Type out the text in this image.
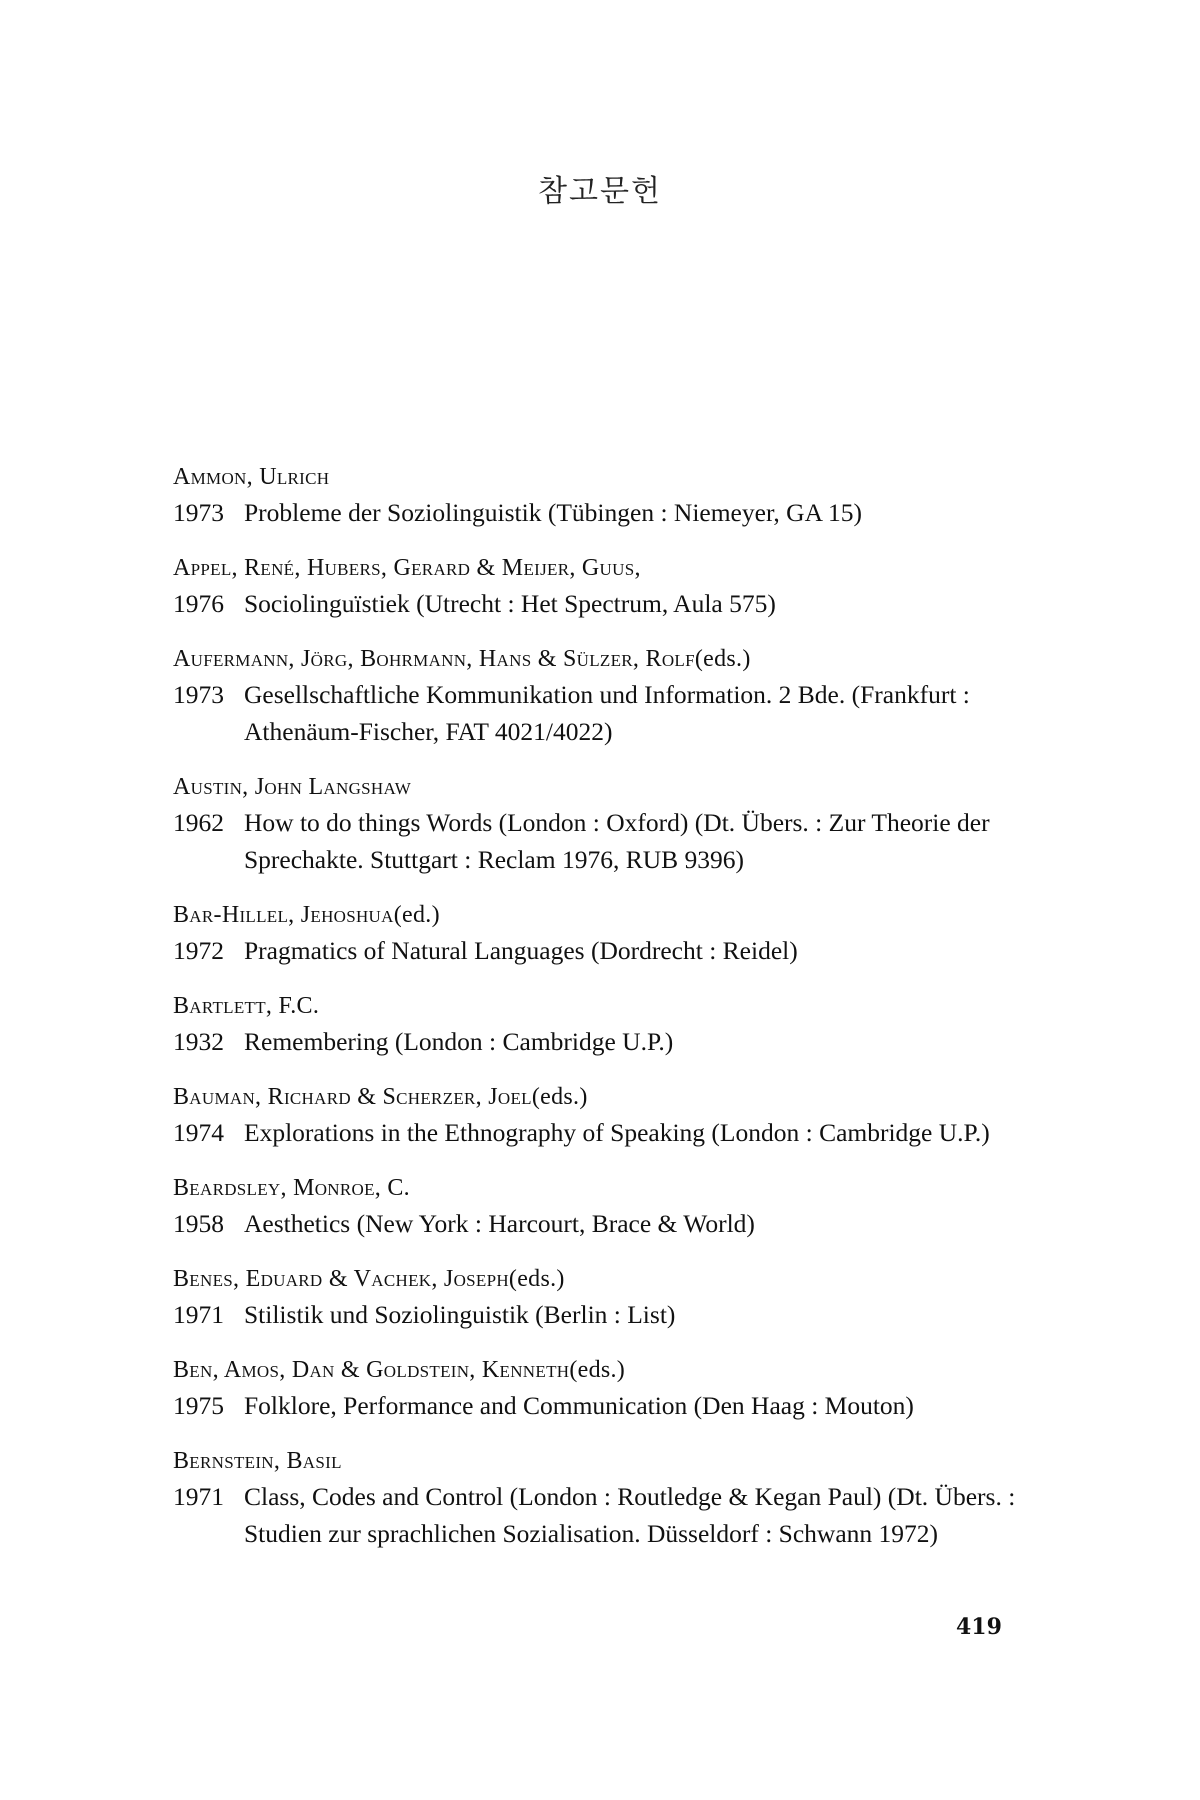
참고문헌
Ammon, Ulrich
1973 Probleme der Soziolinguistik (Tübingen : Niemeyer, GA 15)
Appel, René, Hubers, Gerard & Meijer, Guus,
1976 Sociolinguïstiek (Utrecht : Het Spectrum, Aula 575)
Aufermann, Jörg, Bohrmann, Hans & Sülzer, Rolf(eds.)
1973 Gesellschaftliche Kommunikation und Information. 2 Bde. (Frankfurt : Athenäum-Fischer, FAT 4021/4022)
Austin, John Langshaw
1962 How to do things Words (London : Oxford) (Dt. Übers. : Zur Theorie der Sprechakte. Stuttgart : Reclam 1976, RUB 9396)
Bar-Hillel, Jehoshua(ed.)
1972 Pragmatics of Natural Languages (Dordrecht : Reidel)
Bartlett, F.C.
1932 Remembering (London : Cambridge U.P.)
Bauman, Richard & Scherzer, Joel(eds.)
1974 Explorations in the Ethnography of Speaking (London : Cambridge U.P.)
Beardsley, Monroe, C.
1958 Aesthetics (New York : Harcourt, Brace & World)
Benes, Eduard & Vachek, Joseph(eds.)
1971 Stilistik und Soziolinguistik (Berlin : List)
Ben, Amos, Dan & Goldstein, Kenneth(eds.)
1975 Folklore, Performance and Communication (Den Haag : Mouton)
Bernstein, Basil
1971 Class, Codes and Control (London : Routledge & Kegan Paul) (Dt. Übers. : Studien zur sprachlichen Sozialisation. Düsseldorf : Schwann 1972)
419
